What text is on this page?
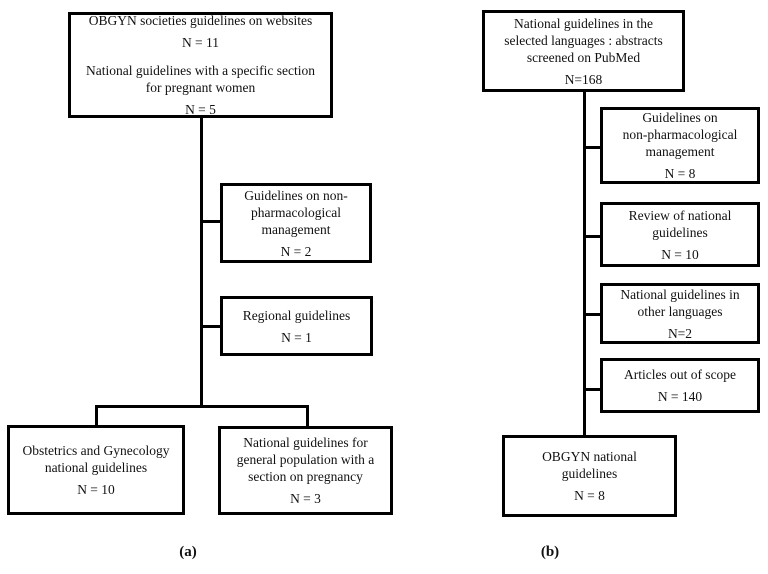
OBGYN societies guidelines on websites
N = 11
National guidelines with a specific section
for pregnant women
N = 5
Guidelines on non-
pharmacological
management
N = 2
Regional guidelines
N = 1
Obstetrics and Gynecology
national guidelines
N = 10
National guidelines for
general population with a
section on pregnancy
N = 3
(a)
National guidelines in the
selected languages : abstracts
screened on PubMed
N=168
Guidelines on
non-pharmacological
management
N = 8
Review of national
guidelines
N = 10
National guidelines in
other languages
N=2
Articles out of scope
N = 140
OBGYN national
guidelines
N = 8
(b)
